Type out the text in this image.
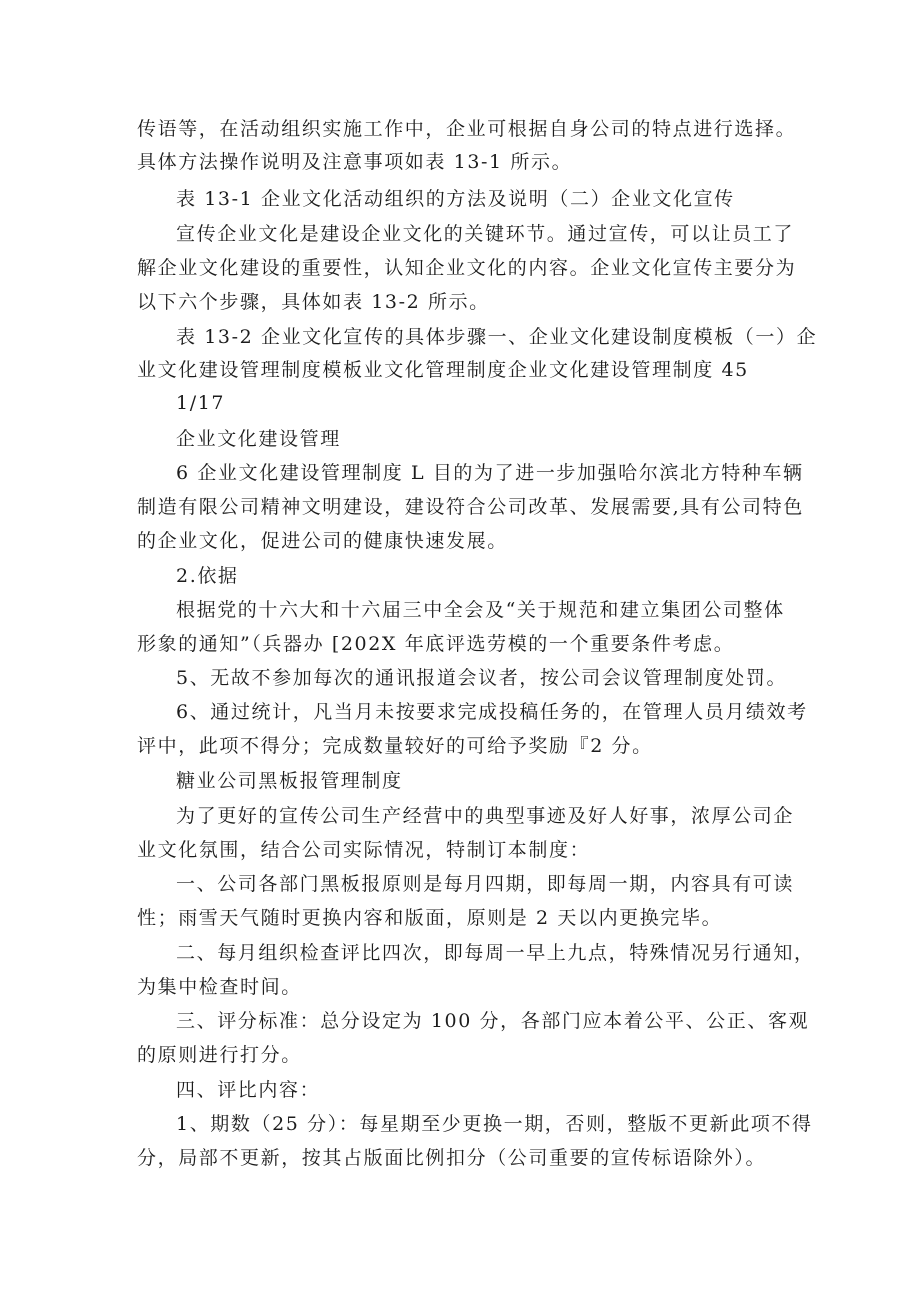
传语等，在活动组织实施工作中，企业可根据自身公司的特点进行选择。
具体方法操作说明及注意事项如表 13-1 所示。
表 13-1 企业文化活动组织的方法及说明（二）企业文化宣传
宣传企业文化是建设企业文化的关键环节。通过宣传，可以让员工了
解企业文化建设的重要性，认知企业文化的内容。企业文化宣传主要分为
以下六个步骤，具体如表 13-2 所示。
表 13-2 企业文化宣传的具体步骤一、企业文化建设制度模板（一）企
业文化建设管理制度模板业文化管理制度企业文化建设管理制度 45
1/17
企业文化建设管理
6 企业文化建设管理制度 L 目的为了进一步加强哈尔滨北方特种车辆
制造有限公司精神文明建设，建设符合公司改革、发展需要,具有公司特色
的企业文化，促进公司的健康快速发展。
2.依据
根据党的十六大和十六届三中全会及“关于规范和建立集团公司整体
形象的通知”（兵器办 [202X 年底评选劳模的一个重要条件考虑。
5、无故不参加每次的通讯报道会议者，按公司会议管理制度处罚。
6、通过统计，凡当月未按要求完成投稿任务的，在管理人员月绩效考
评中，此项不得分；完成数量较好的可给予奖励『2 分。
糖业公司黑板报管理制度
为了更好的宣传公司生产经营中的典型事迹及好人好事，浓厚公司企
业文化氛围，结合公司实际情况，特制订本制度：
一、公司各部门黑板报原则是每月四期，即每周一期，内容具有可读
性；雨雪天气随时更换内容和版面，原则是 2 天以内更换完毕。
二、每月组织检查评比四次，即每周一早上九点，特殊情况另行通知，
为集中检查时间。
三、评分标准：总分设定为 100 分，各部门应本着公平、公正、客观
的原则进行打分。
四、评比内容：
1、期数（25 分）：每星期至少更换一期，否则，整版不更新此项不得
分，局部不更新，按其占版面比例扣分（公司重要的宣传标语除外）。
